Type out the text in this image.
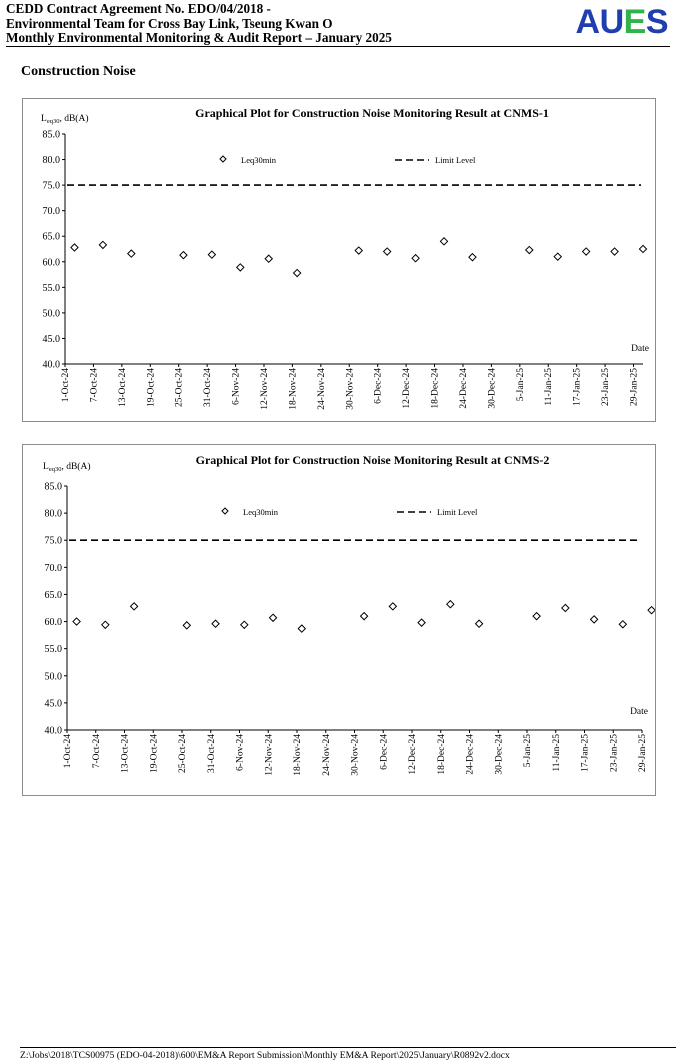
CEDD Contract Agreement No. EDO/04/2018 -
Environmental Team for Cross Bay Link, Tseung Kwan O
Monthly Environmental Monitoring & Audit Report – January 2025	AUES
Construction Noise
Graphical Plot for Construction Noise Monitoring Result at CNMS-1
$L_{eq30}$, dB(A)
40.0
45.0
50.0
55.0
60.0
65.0
70.0
75.0
80.0
85.0
1-Oct-24 7-Oct-24 13-Oct-24 19-Oct-24 25-Oct-24 31-Oct-24 6-Nov-24 12-Nov-24 18-Nov-24 24-Nov-24 30-Nov-24 6-Dec-24 12-Dec-24 18-Dec-24 24-Dec-24 30-Dec-24 5-Jan-25 11-Jan-25 17-Jan-25 23-Jan-25 29-Jan-25
Date
Leq30min	Limit Level
Graphical Plot for Construction Noise Monitoring Result at CNMS-2
$L_{eq30}$, dB(A)
40.0
45.0
50.0
55.0
60.0
65.0
70.0
75.0
80.0
85.0
1-Oct-24 7-Oct-24 13-Oct-24 19-Oct-24 25-Oct-24 31-Oct-24 6-Nov-24 12-Nov-24 18-Nov-24 24-Nov-24 30-Nov-24 6-Dec-24 12-Dec-24 18-Dec-24 24-Dec-24 30-Dec-24 5-Jan-25 11-Jan-25 17-Jan-25 23-Jan-25 29-Jan-25
Date
Leq30min	Limit Level
Z:\Jobs\2018\TCS00975 (EDO-04-2018)\600\EM&A Report Submission\Monthly EM&A Report\2025\January\R0892v2.docx
